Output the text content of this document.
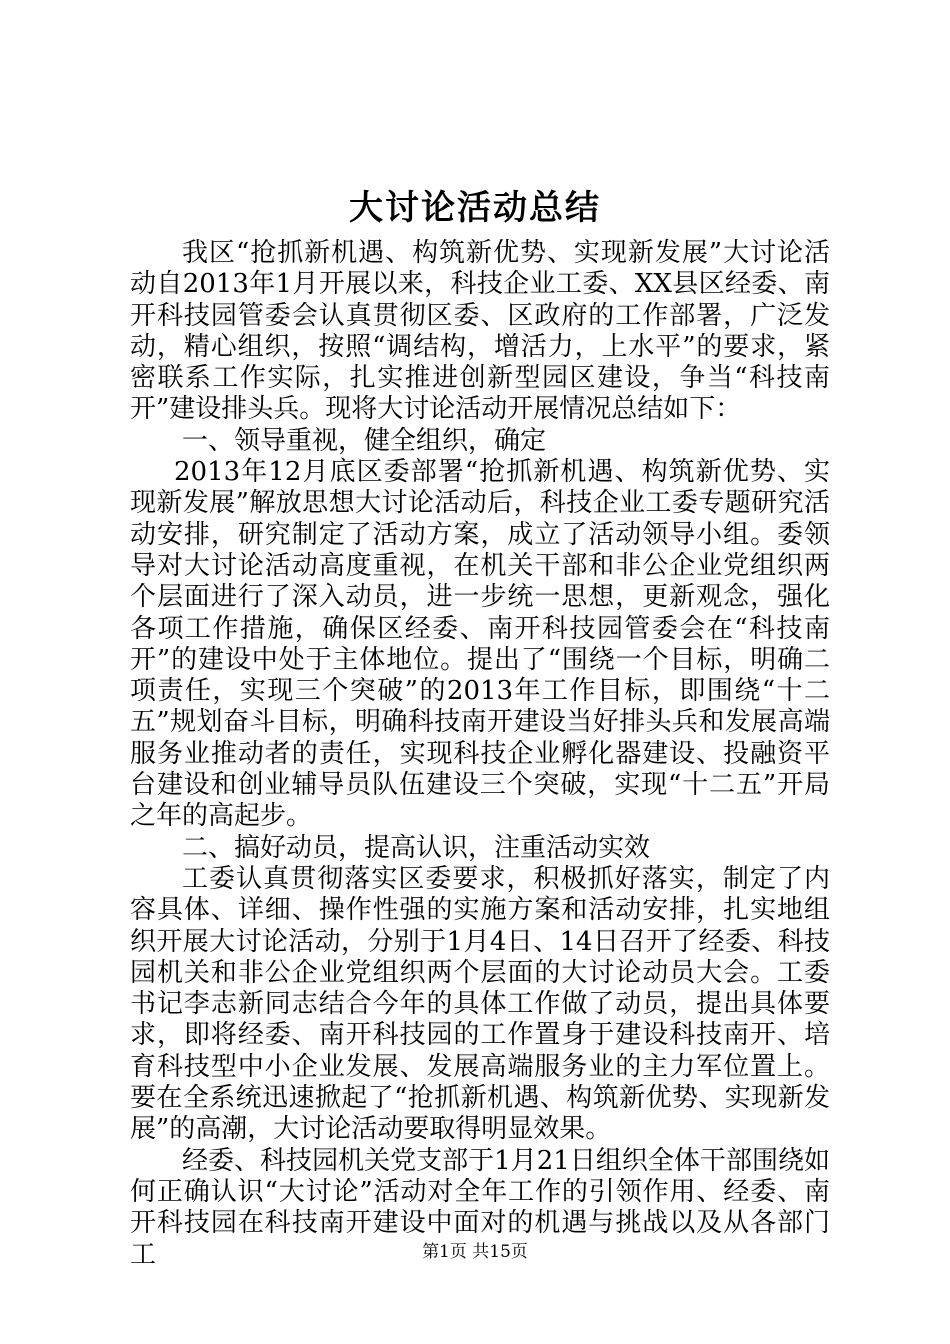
大讨论活动总结

我区“抢抓新机遇、构筑新优势、实现新发展”大讨论活动自2013年1月开展以来，科技企业工委、XX县区经委、南开科技园管委会认真贯彻区委、区政府的工作部署，广泛发动，精心组织，按照“调结构，增活力，上水平”的要求，紧密联系工作实际，扎实推进创新型园区建设，争当“科技南开”建设排头兵。现将大讨论活动开展情况总结如下：

一、领导重视，健全组织，确定

2013年12月底区委部署“抢抓新机遇、构筑新优势、实现新发展”解放思想大讨论活动后，科技企业工委专题研究活动安排，研究制定了活动方案，成立了活动领导小组。委领导对大讨论活动高度重视，在机关干部和非公企业党组织两个层面进行了深入动员，进一步统一思想，更新观念，强化各项工作措施，确保区经委、南开科技园管委会在“科技南开”的建设中处于主体地位。提出了“围绕一个目标，明确二项责任，实现三个突破”的2013年工作目标，即围绕“十二五”规划奋斗目标，明确科技南开建设当好排头兵和发展高端服务业推动者的责任，实现科技企业孵化器建设、投融资平台建设和创业辅导员队伍建设三个突破，实现“十二五”开局之年的高起步。

二、搞好动员，提高认识，注重活动实效

工委认真贯彻落实区委要求，积极抓好落实，制定了内容具体、详细、操作性强的实施方案和活动安排，扎实地组织开展大讨论活动，分别于1月4日、14日召开了经委、科技园机关和非公企业党组织两个层面的大讨论动员大会。工委书记李志新同志结合今年的具体工作做了动员，提出具体要求，即将经委、南开科技园的工作置身于建设科技南开、培育科技型中小企业发展、发展高端服务业的主力军位置上。要在全系统迅速掀起了“抢抓新机遇、构筑新优势、实现新发展”的高潮，大讨论活动要取得明显效果。

经委、科技园机关党支部于1月21日组织全体干部围绕如何正确认识“大讨论”活动对全年工作的引领作用、经委、南开科技园在科技南开建设中面对的机遇与挑战以及从各部门工	第1页 共15页
